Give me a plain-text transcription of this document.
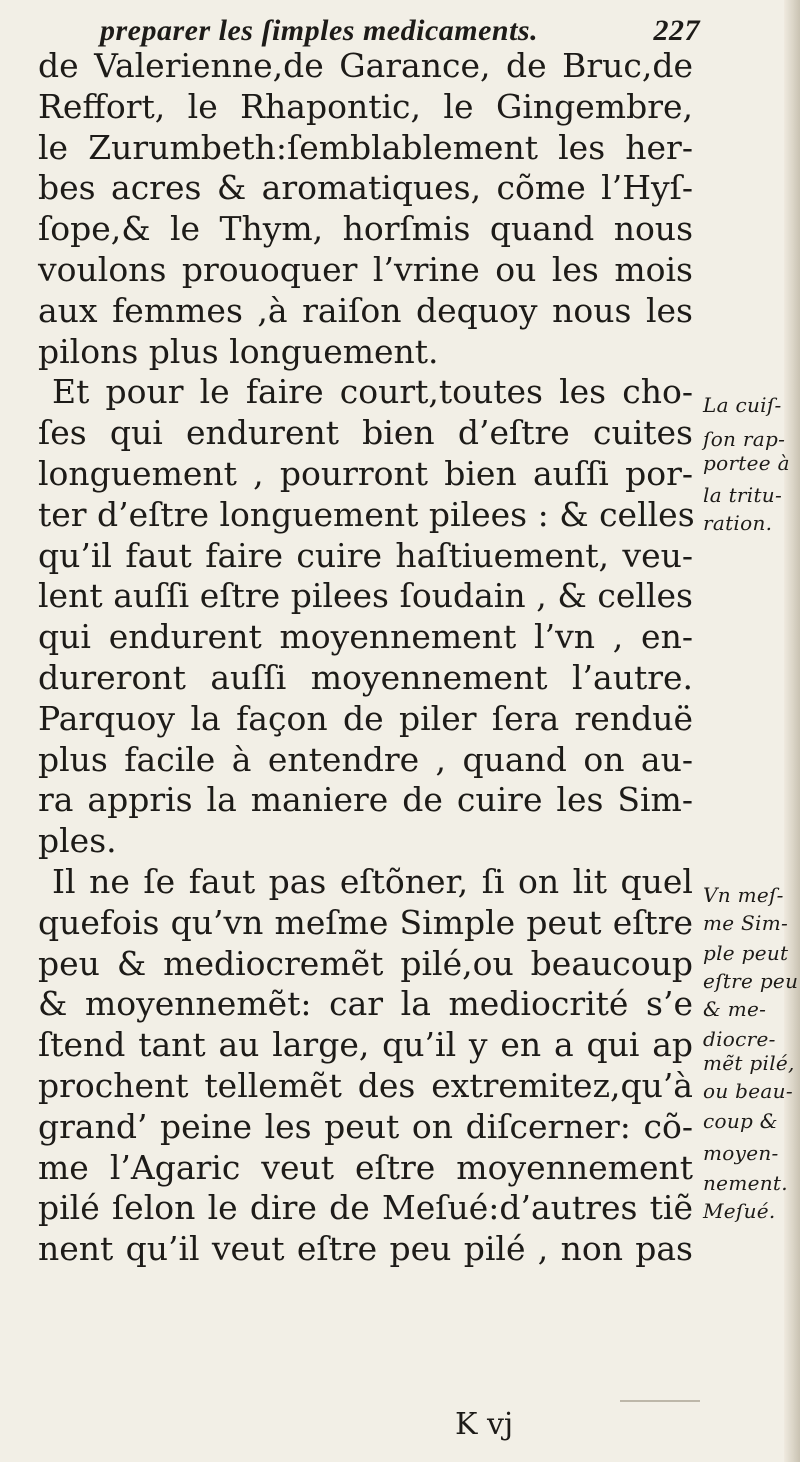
preparer les ſimples medicaments.	227
de Valerienne,de Garance, de Bruc,de
Reffort, le Rhapontic, le Gingembre,
le Zurumbeth:ſemblablement les her-
bes acres & aromatiques, cõme l’Hyſ-
ſope,& le Thym, horſmis quand nous
voulons prouoquer l’vrine ou les mois
aux femmes ,à raiſon dequoy nous les
pilons plus longuement.
Et pour le faire court,toutes les cho-
ſes qui endurent bien d’eſtre cuites
longuement , pourront bien auſſi por-
ter d’eſtre longuement pilees : & celles
qu’il faut faire cuire haſtiuement, veu-
lent auſſi eſtre pilees ſoudain , & celles
qui endurent moyennement l’vn , en-
dureront auſſi moyennement l’autre.
Parquoy la façon de piler ſera renduë
plus facile à entendre , quand on au-
ra appris la maniere de cuire les Sim-
ples.
Il ne ſe faut pas eſtõner, ſi on lit quel
quefois qu’vn meſme Simple peut eſtre
peu & mediocremẽt pilé,ou beaucoup
& moyennemẽt: car la mediocrité s’e
ſtend tant au large, qu’il y en a qui ap
prochent tellemẽt des extremitez,qu’à
grand’ peine les peut on diſcerner: cõ-
me l’Agaric veut eſtre moyennement
pilé ſelon le dire de Meſué:d’autres tiẽ
nent qu’il veut eſtre peu pilé , non pas
La cuiſ-
ſon rap-
portee à
la tritu-
ration.
Vn meſ-
me Sim-
ple peut
eſtre peu
& me-
diocre-
mẽt pilé,
ou beau-
coup &
moyen-
nement.
Meſué.
K vj
